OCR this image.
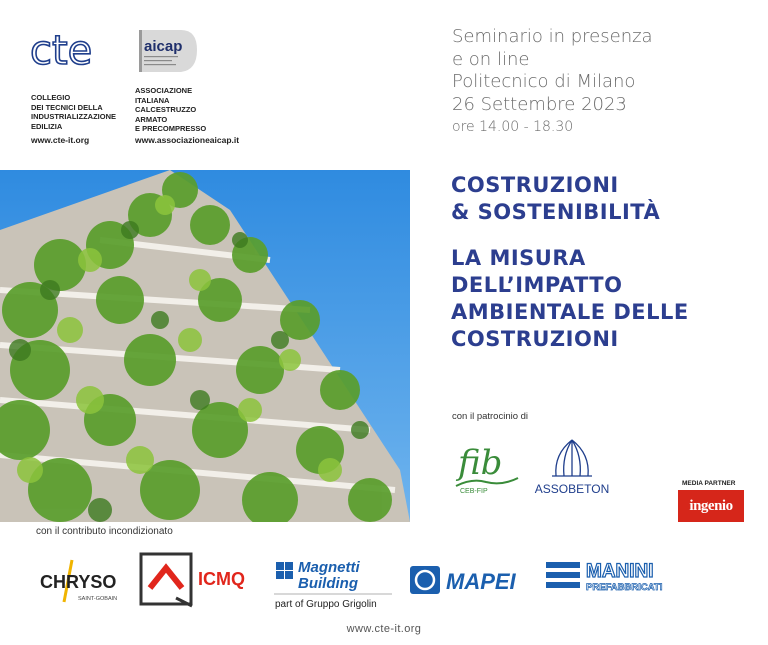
cte
COLLEGIO
DEI TECNICI DELLA
INDUSTRIALIZZAZIONE
EDILIZIA
www.cte-it.org
aicap
ASSOCIAZIONE
ITALIANA
CALCESTRUZZO
ARMATO
E PRECOMPRESSO
www.associazioneaicap.it
Seminario in presenza
e on line
Politecnico di Milano
26 Settembre 2023
ore 14.00 - 18.30
COSTRUZIONI
& SOSTENIBILITÀ
LA MISURA
DELL’IMPATTO
AMBIENTALE DELLE
COSTRUZIONI
con il patrocinio di
fib
CEB-FIP	ASSOBETON	MEDIA PARTNER
ingenio
con il contributo incondizionato
CHRYSO
SAINT-GOBAIN
ICMQ
Magnetti
Building
part of Gruppo Grigolin
MAPEI	MANINI
PREFABBRICATI
www.cte-it.org
